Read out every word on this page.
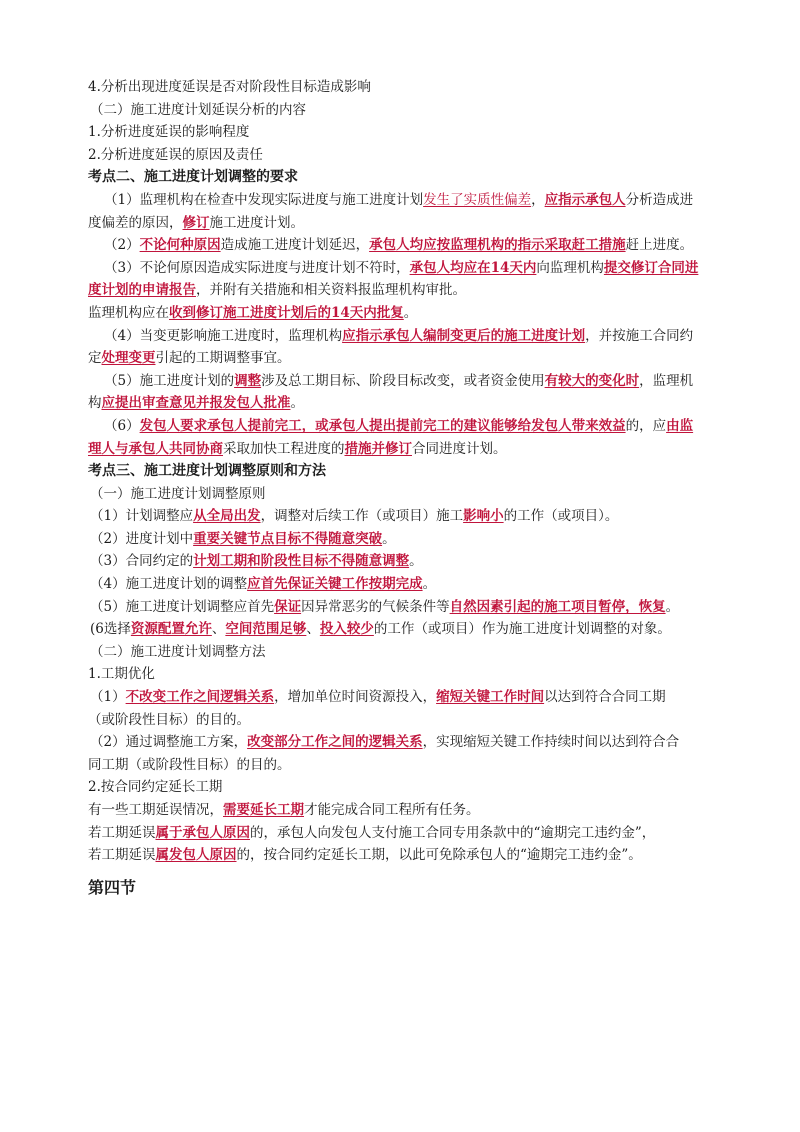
4.分析出现进度延误是否对阶段性目标造成影响
（二）施工进度计划延误分析的内容
1.分析进度延误的影响程度
2.分析进度延误的原因及责任
考点二、施工进度计划调整的要求
（1）监理机构在检查中发现实际进度与施工进度计划发生了实质性偏差，应指示承包人分析造成进
度偏差的原因，修订施工进度计划。
（2）不论何种原因造成施工进度计划延迟，承包人均应按监理机构的指示采取赶工措施赶上进度。
（3）不论何原因造成实际进度与进度计划不符时，承包人均应在14天内向监理机构提交修订合同进
度计划的申请报告，并附有关措施和相关资料报监理机构审批。
监理机构应在收到修订施工进度计划后的14天内批复。
（4）当变更影响施工进度时，监理机构应指示承包人编制变更后的施工进度计划，并按施工合同约
定处理变更引起的工期调整事宜。
（5）施工进度计划的调整涉及总工期目标、阶段目标改变，或者资金使用有较大的变化时，监理机
构应提出审查意见并报发包人批准。
（6）发包人要求承包人提前完工，或承包人提出提前完工的建议能够给发包人带来效益的，应由监
理人与承包人共同协商采取加快工程进度的措施并修订合同进度计划。
考点三、施工进度计划调整原则和方法
（一）施工进度计划调整原则
（1）计划调整应从全局出发，调整对后续工作（或项目）施工影响小的工作（或项目）。
（2）进度计划中重要关键节点目标不得随意突破。
（3）合同约定的计划工期和阶段性目标不得随意调整。
（4）施工进度计划的调整应首先保证关键工作按期完成。
（5）施工进度计划调整应首先保证因异常恶劣的气候条件等自然因素引起的施工项目暂停，恢复。
(6选择资源配置允许、空间范围足够、投入较少的工作（或项目）作为施工进度计划调整的对象。
（二）施工进度计划调整方法
1.工期优化
（1）不改变工作之间逻辑关系，增加单位时间资源投入，缩短关键工作时间以达到符合合同工期
（或阶段性目标）的目的。
（2）通过调整施工方案，改变部分工作之间的逻辑关系，实现缩短关键工作持续时间以达到符合合
同工期（或阶段性目标）的目的。
2.按合同约定延长工期
有一些工期延误情况，需要延长工期才能完成合同工程所有任务。
若工期延误属于承包人原因的，承包人向发包人支付施工合同专用条款中的“逾期完工违约金”，
若工期延误属发包人原因的，按合同约定延长工期，以此可免除承包人的“逾期完工违约金”。
第四节
